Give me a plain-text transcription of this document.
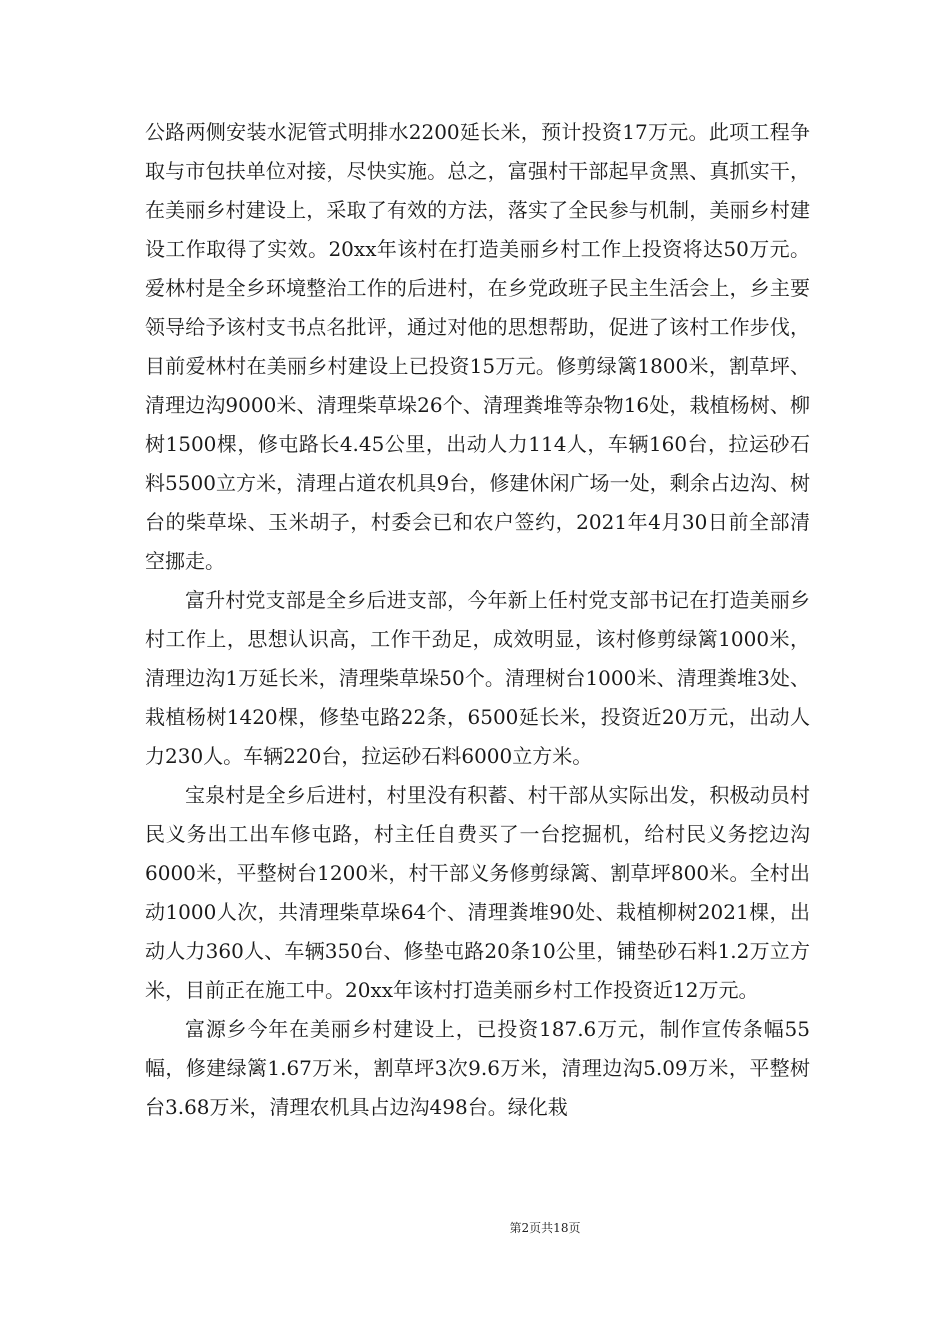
公路两侧安装水泥管式明排水2200延长米，预计投资17万元。此项工程争取与市包扶单位对接，尽快实施。总之，富强村干部起早贪黑、真抓实干，在美丽乡村建设上，采取了有效的方法，落实了全民参与机制，美丽乡村建设工作取得了实效。20xx年该村在打造美丽乡村工作上投资将达50万元。爱林村是全乡环境整治工作的后进村，在乡党政班子民主生活会上，乡主要领导给予该村支书点名批评，通过对他的思想帮助，促进了该村工作步伐，目前爱林村在美丽乡村建设上已投资15万元。修剪绿篱1800米，割草坪、清理边沟9000米、清理柴草垛26个、清理粪堆等杂物16处，栽植杨树、柳树1500棵，修屯路长4.45公里，出动人力114人，车辆160台，拉运砂石料5500立方米，清理占道农机具9台，修建休闲广场一处，剩余占边沟、树台的柴草垛、玉米胡子，村委会已和农户签约，2021年4月30日前全部清空挪走。

富升村党支部是全乡后进支部，今年新上任村党支部书记在打造美丽乡村工作上，思想认识高，工作干劲足，成效明显，该村修剪绿篱1000米，清理边沟1万延长米，清理柴草垛50个。清理树台1000米、清理粪堆3处、栽植杨树1420棵，修垫屯路22条，6500延长米，投资近20万元，出动人力230人。车辆220台，拉运砂石料6000立方米。

宝泉村是全乡后进村，村里没有积蓄、村干部从实际出发，积极动员村民义务出工出车修屯路，村主任自费买了一台挖掘机，给村民义务挖边沟6000米，平整树台1200米，村干部义务修剪绿篱、割草坪800米。全村出动1000人次，共清理柴草垛64个、清理粪堆90处、栽植柳树2021棵，出动人力360人、车辆350台、修垫屯路20条10公里，铺垫砂石料1.2万立方米，目前正在施工中。20xx年该村打造美丽乡村工作投资近12万元。

富源乡今年在美丽乡村建设上，已投资187.6万元，制作宣传条幅55幅，修建绿篱1.67万米，割草坪3次9.6万米，清理边沟5.09万米，平整树台3.68万米，清理农机具占边沟498台。绿化栽

第2页共18页
